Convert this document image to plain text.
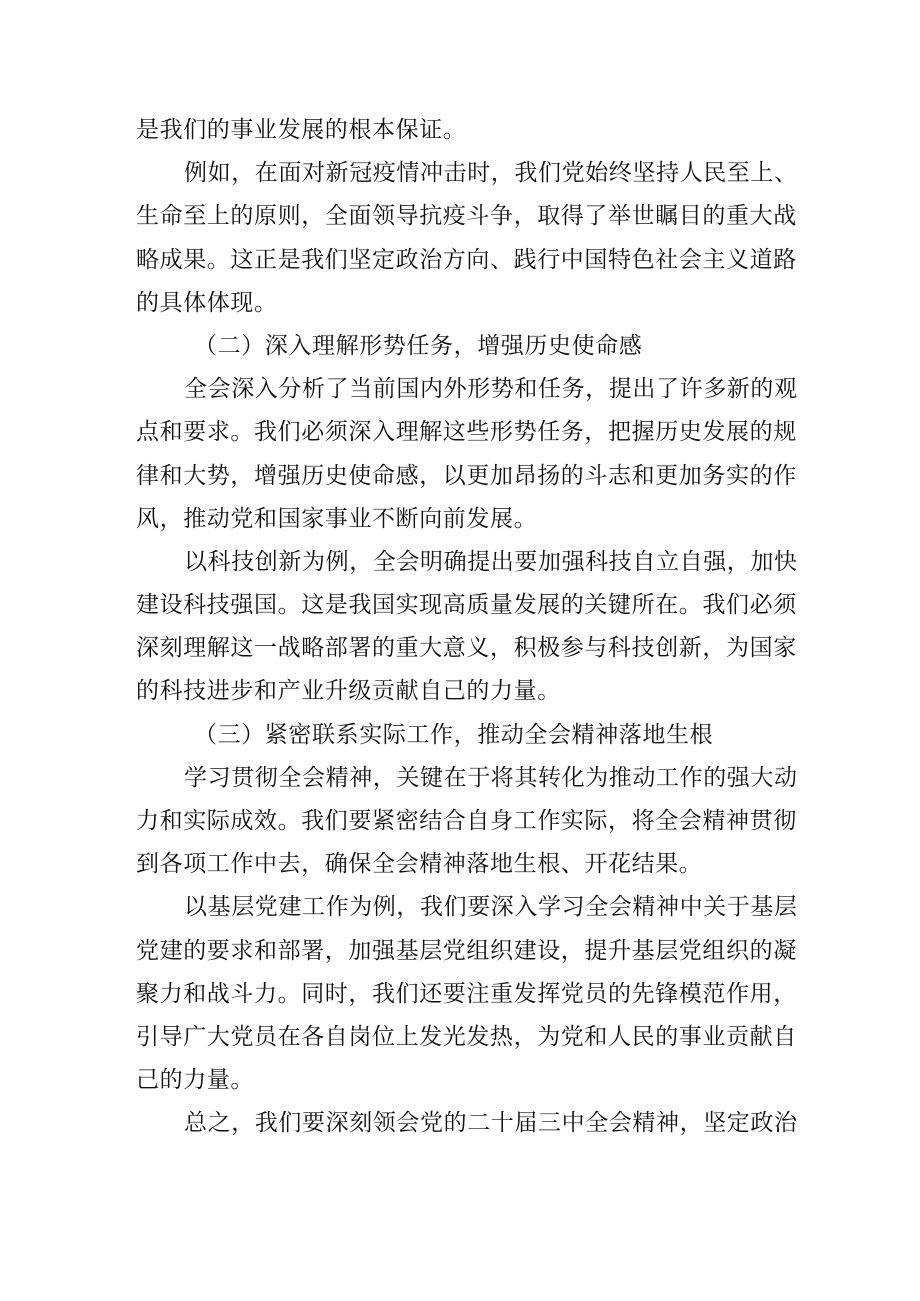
是我们的事业发展的根本保证。
例如，在面对新冠疫情冲击时，我们党始终坚持人民至上、
生命至上的原则，全面领导抗疫斗争，取得了举世瞩目的重大战
略成果。这正是我们坚定政治方向、践行中国特色社会主义道路
的具体体现。
（二）深入理解形势任务，增强历史使命感
全会深入分析了当前国内外形势和任务，提出了许多新的观
点和要求。我们必须深入理解这些形势任务，把握历史发展的规
律和大势，增强历史使命感，以更加昂扬的斗志和更加务实的作
风，推动党和国家事业不断向前发展。
以科技创新为例，全会明确提出要加强科技自立自强，加快
建设科技强国。这是我国实现高质量发展的关键所在。我们必须
深刻理解这一战略部署的重大意义，积极参与科技创新，为国家
的科技进步和产业升级贡献自己的力量。
（三）紧密联系实际工作，推动全会精神落地生根
学习贯彻全会精神，关键在于将其转化为推动工作的强大动
力和实际成效。我们要紧密结合自身工作实际，将全会精神贯彻
到各项工作中去，确保全会精神落地生根、开花结果。
以基层党建工作为例，我们要深入学习全会精神中关于基层
党建的要求和部署，加强基层党组织建设，提升基层党组织的凝
聚力和战斗力。同时，我们还要注重发挥党员的先锋模范作用，
引导广大党员在各自岗位上发光发热，为党和人民的事业贡献自
己的力量。
总之，我们要深刻领会党的二十届三中全会精神，坚定政治
